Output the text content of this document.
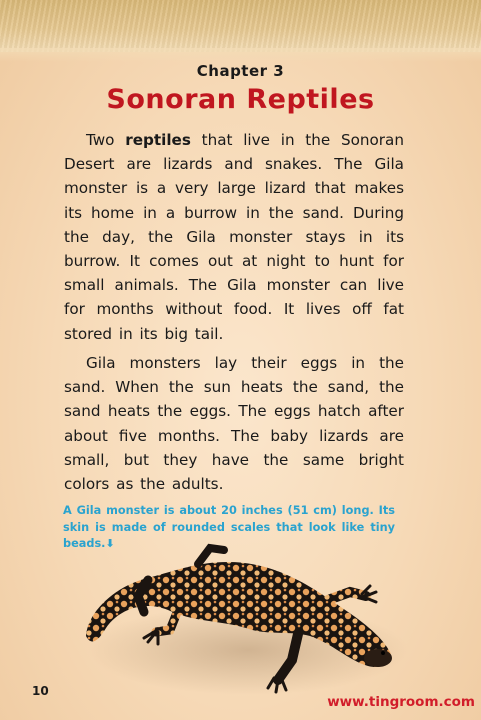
Chapter 3
Sonoran Reptiles
Two reptiles that live in the Sonoran Desert are lizards and snakes. The Gila monster is a very large lizard that makes its home in a burrow in the sand. During the day, the Gila monster stays in its burrow. It comes out at night to hunt for small animals. The Gila monster can live for months without food. It lives off fat stored in its big tail.
Gila monsters lay their eggs in the sand. When the sun heats the sand, the sand heats the eggs. The eggs hatch after about five months. The baby lizards are small, but they have the same bright colors as the adults.
A Gila monster is about 20 inches (51 cm) long. Its skin is made of rounded scales that look like tiny beads.⬇
10
www.tingroom.com
